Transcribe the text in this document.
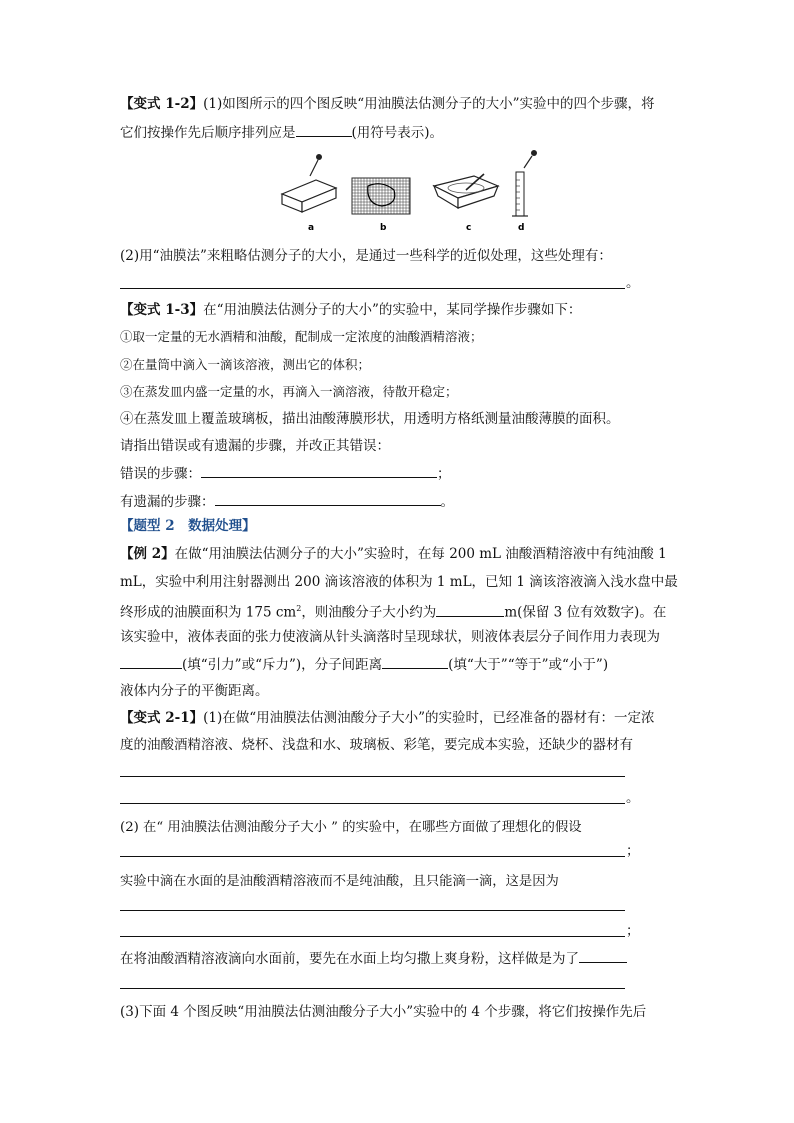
【变式 1-2】(1)如图所示的四个图反映“用油膜法估测分子的大小”实验中的四个步骤，将
它们按操作先后顺序排列应是	(用符号表示)。
a	b	c	d
(2)用“油膜法”来粗略估测分子的大小，是通过一些科学的近似处理，这些处理有：
。
【变式 1-3】在“用油膜法估测分子的大小”的实验中，某同学操作步骤如下：
①取一定量的无水酒精和油酸，配制成一定浓度的油酸酒精溶液；
②在量筒中滴入一滴该溶液，测出它的体积；
③在蒸发皿内盛一定量的水，再滴入一滴溶液，待散开稳定；
④在蒸发皿上覆盖玻璃板，描出油酸薄膜形状，用透明方格纸测量油酸薄膜的面积。
请指出错误或有遗漏的步骤，并改正其错误：
错误的步骤：	；
有遗漏的步骤：	。
【题型 2　数据处理】
【例 2】在做“用油膜法估测分子的大小”实验时，在每 200 mL 油酸酒精溶液中有纯油酸 1
mL，实验中利用注射器测出 200 滴该溶液的体积为 1 mL，已知 1 滴该溶液滴入浅水盘中最
终形成的油膜面积为 175 $cm^2$，则油酸分子大小约为	m(保留 3 位有效数字)。在
该实验中，液体表面的张力使液滴从针头滴落时呈现球状，则液体表层分子间作用力表现为
(填“引力”或“斥力”)，分子间距离	(填“大于”“等于”或“小于”)
液体内分子的平衡距离。
【变式 2-1】(1)在做“用油膜法估测油酸分子大小”的实验时，已经准备的器材有：一定浓
度的油酸酒精溶液、烧杯、浅盘和水、玻璃板、彩笔，要完成本实验，还缺少的器材有
。
(2) 在“ 用油膜法估测油酸分子大小 ” 的实验中，在哪些方面做了理想化的假设
；
实验中滴在水面的是油酸酒精溶液而不是纯油酸，且只能滴一滴，这是因为
；
在将油酸酒精溶液滴向水面前，要先在水面上均匀撒上爽身粉，这样做是为了
(3)下面 4 个图反映“用油膜法估测油酸分子大小”实验中的 4 个步骤，将它们按操作先后
